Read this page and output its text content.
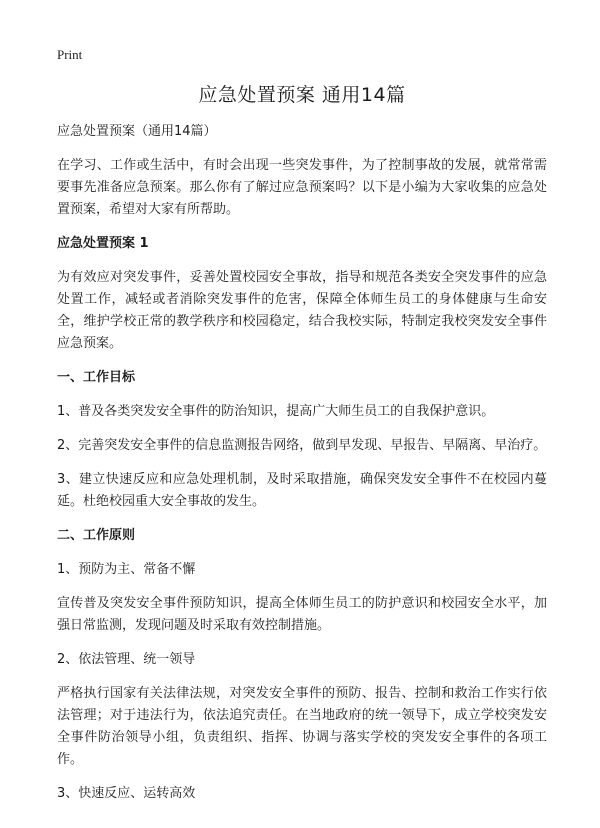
Print
应急处置预案 通用14篇

应急处置预案（通用14篇）

在学习、工作或生活中，有时会出现一些突发事件，为了控制事故的发展，就常常需要事先准备应急预案。那么你有了解过应急预案吗？以下是小编为大家收集的应急处置预案，希望对大家有所帮助。

应急处置预案 1

为有效应对突发事件，妥善处置校园安全事故，指导和规范各类安全突发事件的应急处置工作，减轻或者消除突发事件的危害，保障全体师生员工的身体健康与生命安全，维护学校正常的教学秩序和校园稳定，结合我校实际，特制定我校突发安全事件应急预案。

一、工作目标

1、普及各类突发安全事件的防治知识，提高广大师生员工的自我保护意识。

2、完善突发安全事件的信息监测报告网络，做到早发现、早报告、早隔离、早治疗。

3、建立快速反应和应急处理机制，及时采取措施，确保突发安全事件不在校园内蔓延。杜绝校园重大安全事故的发生。

二、工作原则

1、预防为主、常备不懈

宣传普及突发安全事件预防知识，提高全体师生员工的防护意识和校园安全水平，加强日常监测，发现问题及时采取有效控制措施。

2、依法管理、统一领导

严格执行国家有关法律法规，对突发安全事件的预防、报告、控制和救治工作实行依法管理；对于违法行为，依法追究责任。在当地政府的统一领导下，成立学校突发安全事件防治领导小组，负责组织、指挥、协调与落实学校的突发安全事件的各项工作。

3、快速反应、运转高效
